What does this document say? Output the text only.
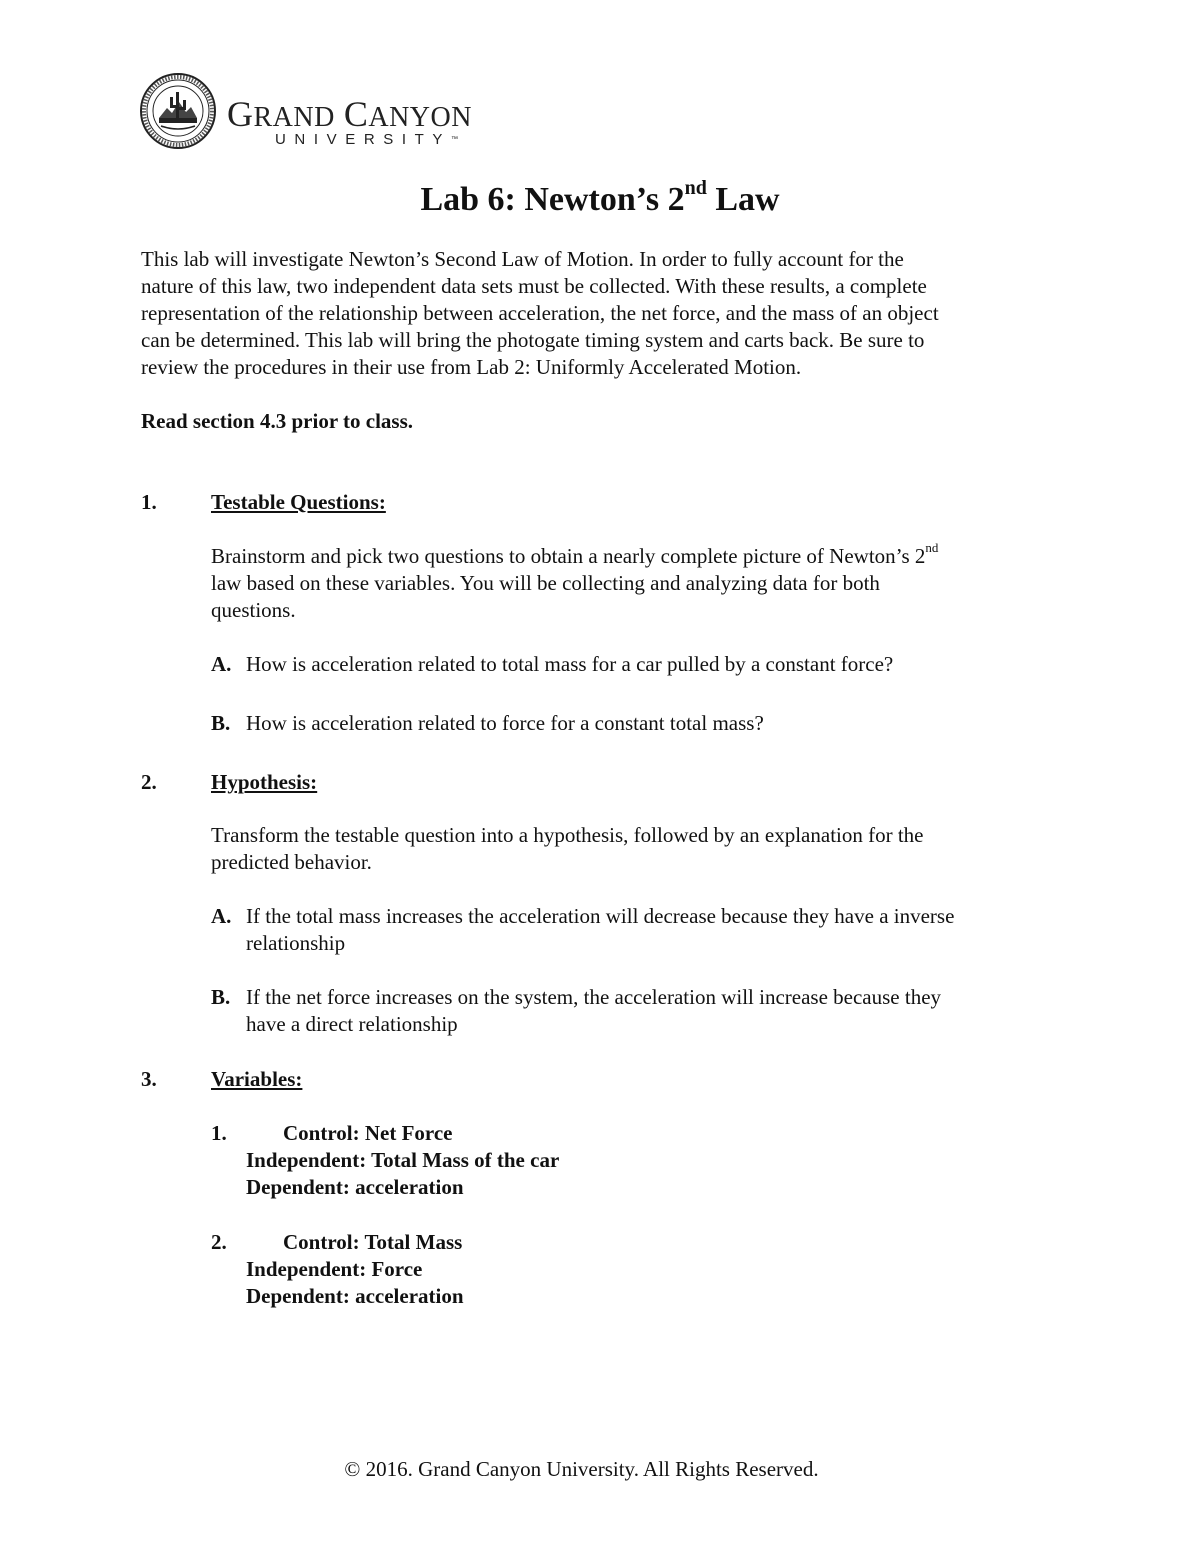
GRAND CANYON
UNIVERSITY™
Lab 6: Newton’s 2nd Law
This lab will investigate Newton’s Second Law of Motion. In order to fully account for the
nature of this law, two independent data sets must be collected. With these results, a complete
representation of the relationship between acceleration, the net force, and the mass of an object
can be determined. This lab will bring the photogate timing system and carts back. Be sure to
review the procedures in their use from Lab 2: Uniformly Accelerated Motion.
Read section 4.3 prior to class.
1.	Testable Questions:
Brainstorm and pick two questions to obtain a nearly complete picture of Newton’s 2nd
law based on these variables. You will be collecting and analyzing data for both
questions.
A. How is acceleration related to total mass for a car pulled by a constant force?
B. How is acceleration related to force for a constant total mass?
2.	Hypothesis:
Transform the testable question into a hypothesis, followed by an explanation for the
predicted behavior.
A. If the total mass increases the acceleration will decrease because they have a inverse
relationship
B. If the net force increases on the system, the acceleration will increase because they
have a direct relationship
3.	Variables:
1.	Control: Net Force
Independent: Total Mass of the car
Dependent: acceleration
2.	Control: Total Mass
Independent: Force
Dependent: acceleration
© 2016. Grand Canyon University. All Rights Reserved.
